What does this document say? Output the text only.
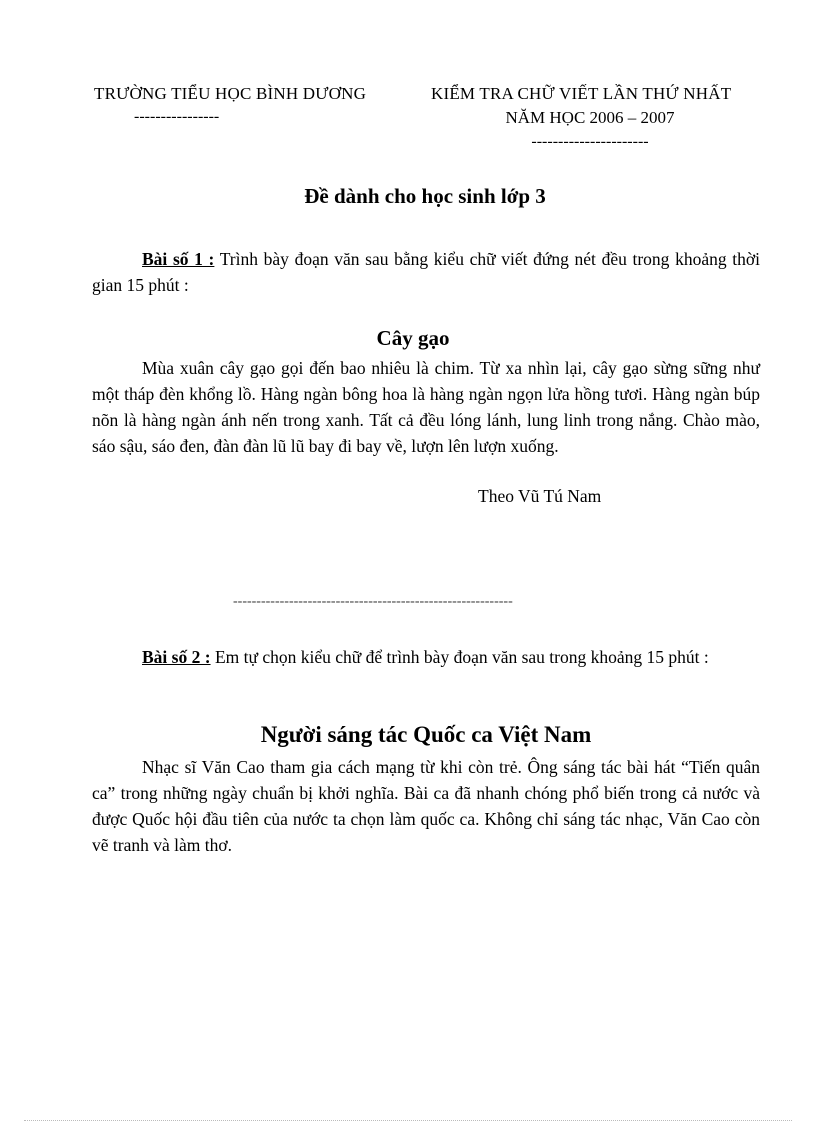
TRƯỜNG TIỂU HỌC BÌNH DƯƠNG
----------------
KIỂM TRA CHỮ VIẾT LẦN THỨ NHẤT
NĂM HỌC 2006 – 2007
----------------------
Đề dành cho học sinh lớp 3
Bài số 1 : Trình bày đoạn văn sau bằng kiểu chữ viết đứng nét đều trong khoảng thời gian 15 phút :
Cây gạo
Mùa xuân cây gạo gọi đến bao nhiêu là chim. Từ xa nhìn lại, cây gạo sừng sững như một tháp đèn khổng lồ. Hàng ngàn bông hoa là hàng ngàn ngọn lửa hồng tươi. Hàng ngàn búp nõn là hàng ngàn ánh nến trong xanh. Tất cả đều lóng lánh, lung linh trong nắng. Chào mào, sáo sậu, sáo đen, đàn đàn lũ lũ bay đi bay về, lượn lên lượn xuống.
Theo Vũ Tú Nam
------------------------------------------------------------
Bài số 2 : Em tự chọn kiểu chữ để trình bày đoạn văn sau trong khoảng 15 phút :
Người sáng tác Quốc ca Việt Nam
Nhạc sĩ Văn Cao tham gia cách mạng từ khi còn trẻ. Ông sáng tác bài hát “Tiến quân ca” trong những ngày chuẩn bị khởi nghĩa. Bài ca đã nhanh chóng phổ biến trong cả nước và được Quốc hội đầu tiên của nước ta chọn làm quốc ca. Không chỉ sáng tác nhạc, Văn Cao còn vẽ tranh và làm thơ.
